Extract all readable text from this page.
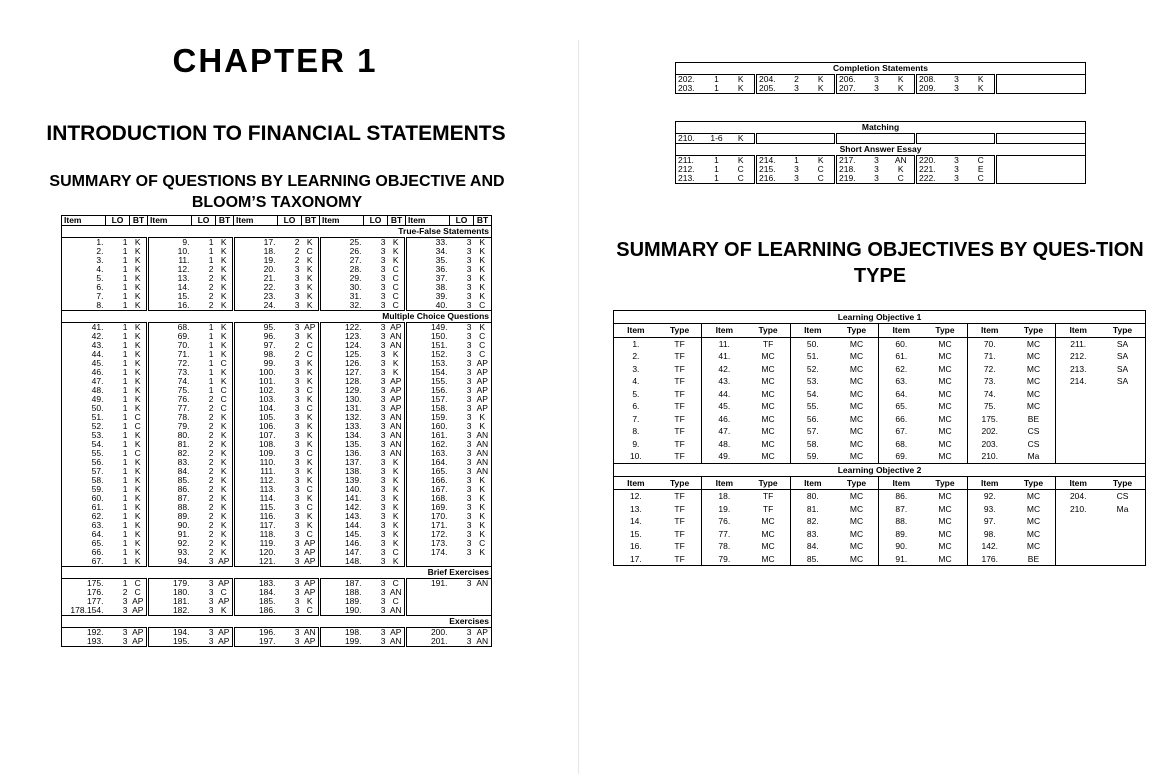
CHAPTER 1
INTRODUCTION TO FINANCIAL STATEMENTS
SUMMARY OF QUESTIONS BY LEARNING OBJECTIVE AND BLOOM’S TAXONOMY
SUMMARY OF LEARNING OBJECTIVES BY QUES-TION TYPE
Item	LO	BT	Item	LO	BT	Item	LO	BT	Item	LO	BT	Item	LO	BT
True-False Statements														
1.	1	K	9.	1	K	17.	2	K	25.	3	K	33.	3	K
2.	1	K	10.	1	K	18.	2	C	26.	3	K	34.	3	K
3.	1	K	11.	1	K	19.	2	K	27.	3	K	35.	3	K
4.	1	K	12.	2	K	20.	3	K	28.	3	C	36.	3	K
5.	1	K	13.	2	K	21.	3	K	29.	3	C	37.	3	K
6.	1	K	14.	2	K	22.	3	K	30.	3	C	38.	3	K
7.	1	K	15.	2	K	23.	3	K	31.	3	C	39.	3	K
8.	1	K	16.	2	K	24.	3	K	32.	3	C	40.	3	C
Multiple Choice Questions														
41.	1	K	68.	1	K	95.	3	AP	122.	3	AP	149.	3	K
42.	1	K	69.	1	K	96.	3	K	123.	3	AN	150.	3	C
43.	1	K	70.	1	K	97.	2	C	124.	3	AN	151.	3	C
44.	1	K	71.	1	K	98.	2	C	125.	3	K	152.	3	C
45.	1	K	72.	1	C	99.	3	K	126.	3	K	153.	3	AP
46.	1	K	73.	1	K	100.	3	K	127.	3	K	154.	3	AP
47.	1	K	74.	1	K	101.	3	K	128.	3	AP	155.	3	AP
48.	1	K	75.	1	C	102.	3	C	129.	3	AP	156.	3	AP
49.	1	K	76.	2	C	103.	3	K	130.	3	AP	157.	3	AP
50.	1	K	77.	2	C	104.	3	C	131.	3	AP	158.	3	AP
51.	1	C	78.	2	K	105.	3	K	132.	3	AN	159.	3	K
52.	1	C	79.	2	K	106.	3	K	133.	3	AN	160.	3	K
53.	1	K	80.	2	K	107.	3	K	134.	3	AN	161.	3	AN
54.	1	K	81.	2	K	108.	3	K	135.	3	AN	162.	3	AN
55.	1	C	82.	2	K	109.	3	C	136.	3	AN	163.	3	AN
56.	1	K	83.	2	K	110.	3	K	137.	3	K	164.	3	AN
57.	1	K	84.	2	K	111.	3	K	138.	3	K	165.	3	AN
58.	1	K	85.	2	K	112.	3	K	139.	3	K	166.	3	K
59.	1	K	86.	2	K	113.	3	C	140.	3	K	167.	3	K
60.	1	K	87.	2	K	114.	3	K	141.	3	K	168.	3	K
61.	1	K	88.	2	K	115.	3	C	142.	3	K	169.	3	K
62.	1	K	89.	2	K	116.	3	K	143.	3	K	170.	3	K
63.	1	K	90.	2	K	117.	3	K	144.	3	K	171.	3	K
64.	1	K	91.	2	K	118.	3	C	145.	3	K	172.	3	K
65.	1	K	92.	2	K	119.	3	AP	146.	3	K	173.	3	C
66.	1	K	93.	2	K	120.	3	AP	147.	3	C	174.	3	K
67.	1	K	94.	3	AP	121.	3	AP	148.	3	K			
Brief Exercises														
175.	1	C	179.	3	AP	183.	3	AP	187.	3	C	191.	3	AN
176.	2	C	180.	3	C	184.	3	AP	188.	3	AN			
177.	3	AP	181.	3	AP	185.	3	K	189.	3	C			
178.154.	3	AP	182.	3	K	186.	3	C	190.	3	AN			
Exercises														
192.	3	AP	194.	3	AP	196.	3	AN	198.	3	AP	200.	3	AP
193.	3	AP	195.	3	AP	197.	3	AP	199.	3	AN	201.	3	AN
Completion Statements												
202.	1	K	204.	2	K	206.	3	K	208.	3	K	
203.	1	K	205.	3	K	207.	3	K	209.	3	K	
Matching												
210.	1-6	K										
Short Answer Essay												
211.	1	K	214.	1	K	217.	3	AN	220.	3	C	
212.	1	C	215.	3	C	218.	3	K	221.	3	E	
213.	1	C	216.	3	C	219.	3	C	222.	3	C	
Learning Objective 1											
Item	Type	Item	Type	Item	Type	Item	Type	Item	Type	Item	Type
1.	TF	11.	TF	50.	MC	60.	MC	70.	MC	211.	SA
2.	TF	41.	MC	51.	MC	61.	MC	71.	MC	212.	SA
3.	TF	42.	MC	52.	MC	62.	MC	72.	MC	213.	SA
4.	TF	43.	MC	53.	MC	63.	MC	73.	MC	214.	SA
5.	TF	44.	MC	54.	MC	64.	MC	74.	MC		
6.	TF	45.	MC	55.	MC	65.	MC	75.	MC		
7.	TF	46.	MC	56.	MC	66.	MC	175.	BE		
8.	TF	47.	MC	57.	MC	67.	MC	202.	CS		
9.	TF	48.	MC	58.	MC	68.	MC	203.	CS		
10.	TF	49.	MC	59.	MC	69.	MC	210.	Ma		
Learning Objective 2											
Item	Type	Item	Type	Item	Type	Item	Type	Item	Type	Item	Type
12.	TF	18.	TF	80.	MC	86.	MC	92.	MC	204.	CS
13.	TF	19.	TF	81.	MC	87.	MC	93.	MC	210.	Ma
14.	TF	76.	MC	82.	MC	88.	MC	97.	MC		
15.	TF	77.	MC	83.	MC	89.	MC	98.	MC		
16.	TF	78.	MC	84.	MC	90.	MC	142.	MC		
17.	TF	79.	MC	85.	MC	91.	MC	176.	BE		
